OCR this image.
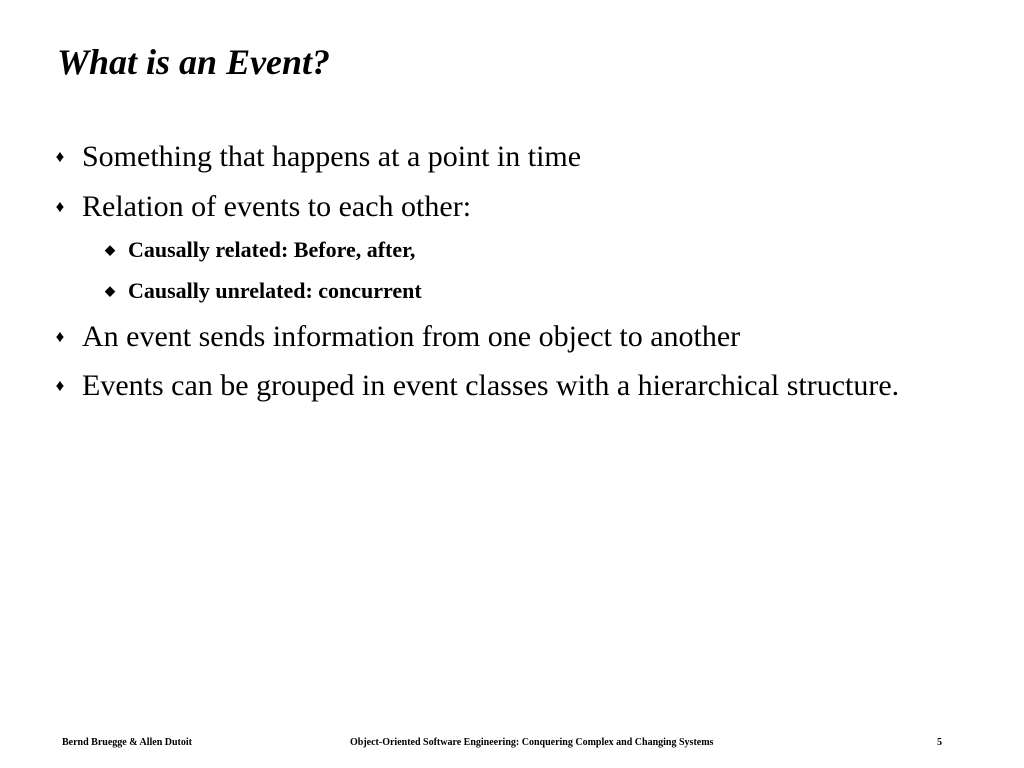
What is an Event?
♦ Something that happens at a point in time
♦ Relation of events to each other:
◆ Causally related: Before, after,
◆ Causally unrelated: concurrent
♦ An event sends information from one object to another
♦ Events can be grouped in event classes with a hierarchical structure.
Bernd Bruegge & Allen Dutoit	Object-Oriented Software Engineering: Conquering Complex and Changing Systems	5
